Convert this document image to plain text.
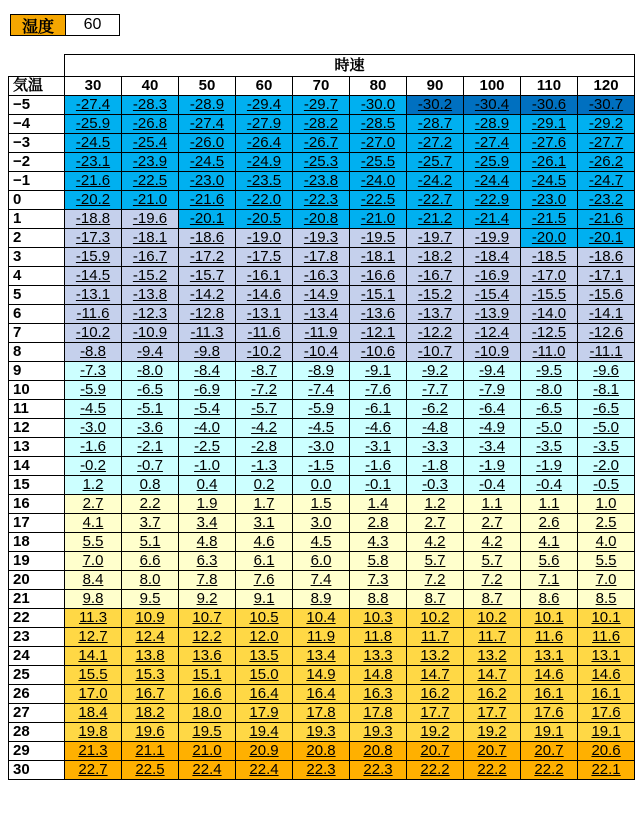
湿度	60
	時速									
気温	30	40	50	60	70	80	90	100	110	120
−5	-27.4	-28.3	-28.9	-29.4	-29.7	-30.0	-30.2	-30.4	-30.6	-30.7
−4	-25.9	-26.8	-27.4	-27.9	-28.2	-28.5	-28.7	-28.9	-29.1	-29.2
−3	-24.5	-25.4	-26.0	-26.4	-26.7	-27.0	-27.2	-27.4	-27.6	-27.7
−2	-23.1	-23.9	-24.5	-24.9	-25.3	-25.5	-25.7	-25.9	-26.1	-26.2
−1	-21.6	-22.5	-23.0	-23.5	-23.8	-24.0	-24.2	-24.4	-24.5	-24.7
0	-20.2	-21.0	-21.6	-22.0	-22.3	-22.5	-22.7	-22.9	-23.0	-23.2
1	-18.8	-19.6	-20.1	-20.5	-20.8	-21.0	-21.2	-21.4	-21.5	-21.6
2	-17.3	-18.1	-18.6	-19.0	-19.3	-19.5	-19.7	-19.9	-20.0	-20.1
3	-15.9	-16.7	-17.2	-17.5	-17.8	-18.1	-18.2	-18.4	-18.5	-18.6
4	-14.5	-15.2	-15.7	-16.1	-16.3	-16.6	-16.7	-16.9	-17.0	-17.1
5	-13.1	-13.8	-14.2	-14.6	-14.9	-15.1	-15.2	-15.4	-15.5	-15.6
6	-11.6	-12.3	-12.8	-13.1	-13.4	-13.6	-13.7	-13.9	-14.0	-14.1
7	-10.2	-10.9	-11.3	-11.6	-11.9	-12.1	-12.2	-12.4	-12.5	-12.6
8	-8.8	-9.4	-9.8	-10.2	-10.4	-10.6	-10.7	-10.9	-11.0	-11.1
9	-7.3	-8.0	-8.4	-8.7	-8.9	-9.1	-9.2	-9.4	-9.5	-9.6
10	-5.9	-6.5	-6.9	-7.2	-7.4	-7.6	-7.7	-7.9	-8.0	-8.1
11	-4.5	-5.1	-5.4	-5.7	-5.9	-6.1	-6.2	-6.4	-6.5	-6.5
12	-3.0	-3.6	-4.0	-4.2	-4.5	-4.6	-4.8	-4.9	-5.0	-5.0
13	-1.6	-2.1	-2.5	-2.8	-3.0	-3.1	-3.3	-3.4	-3.5	-3.5
14	-0.2	-0.7	-1.0	-1.3	-1.5	-1.6	-1.8	-1.9	-1.9	-2.0
15	1.2	0.8	0.4	0.2	0.0	-0.1	-0.3	-0.4	-0.4	-0.5
16	2.7	2.2	1.9	1.7	1.5	1.4	1.2	1.1	1.1	1.0
17	4.1	3.7	3.4	3.1	3.0	2.8	2.7	2.7	2.6	2.5
18	5.5	5.1	4.8	4.6	4.5	4.3	4.2	4.2	4.1	4.0
19	7.0	6.6	6.3	6.1	6.0	5.8	5.7	5.7	5.6	5.5
20	8.4	8.0	7.8	7.6	7.4	7.3	7.2	7.2	7.1	7.0
21	9.8	9.5	9.2	9.1	8.9	8.8	8.7	8.7	8.6	8.5
22	11.3	10.9	10.7	10.5	10.4	10.3	10.2	10.2	10.1	10.1
23	12.7	12.4	12.2	12.0	11.9	11.8	11.7	11.7	11.6	11.6
24	14.1	13.8	13.6	13.5	13.4	13.3	13.2	13.2	13.1	13.1
25	15.5	15.3	15.1	15.0	14.9	14.8	14.7	14.7	14.6	14.6
26	17.0	16.7	16.6	16.4	16.4	16.3	16.2	16.2	16.1	16.1
27	18.4	18.2	18.0	17.9	17.8	17.8	17.7	17.7	17.6	17.6
28	19.8	19.6	19.5	19.4	19.3	19.3	19.2	19.2	19.1	19.1
29	21.3	21.1	21.0	20.9	20.8	20.8	20.7	20.7	20.7	20.6
30	22.7	22.5	22.4	22.4	22.3	22.3	22.2	22.2	22.2	22.1
